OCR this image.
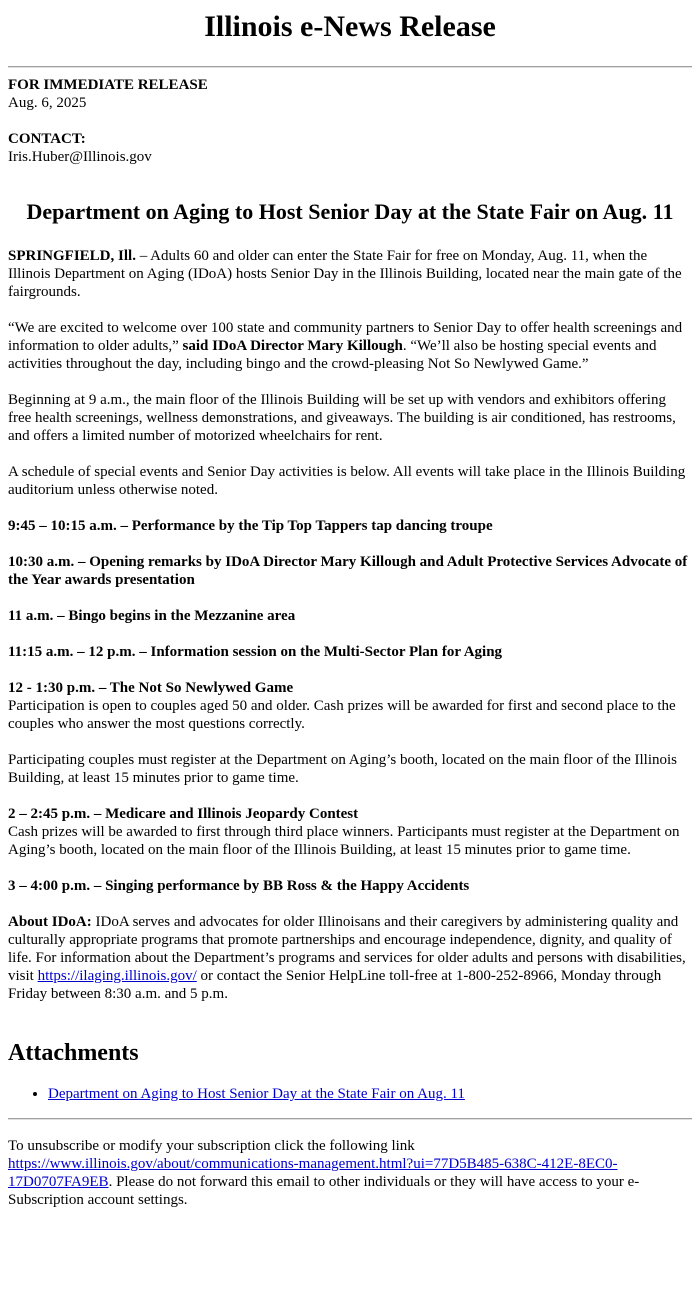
Illinois e-News Release
FOR IMMEDIATE RELEASE
Aug. 6, 2025
CONTACT:
Iris.Huber@Illinois.gov
Department on Aging to Host Senior Day at the State Fair on Aug. 11

SPRINGFIELD, Ill. – Adults 60 and older can enter the State Fair for free on Monday, Aug. 11, when the Illinois Department on Aging (IDoA) hosts Senior Day in the Illinois Building, located near the main gate of the fairgrounds.

“We are excited to welcome over 100 state and community partners to Senior Day to offer health screenings and information to older adults,” said IDoA Director Mary Killough. “We’ll also be hosting special events and activities throughout the day, including bingo and the crowd-pleasing Not So Newlywed Game.”

Beginning at 9 a.m., the main floor of the Illinois Building will be set up with vendors and exhibitors offering free health screenings, wellness demonstrations, and giveaways. The building is air conditioned, has restrooms, and offers a limited number of motorized wheelchairs for rent.

A schedule of special events and Senior Day activities is below. All events will take place in the Illinois Building auditorium unless otherwise noted.

9:45 – 10:15 a.m. – Performance by the Tip Top Tappers tap dancing troupe

10:30 a.m. – Opening remarks by IDoA Director Mary Killough and Adult Protective Services Advocate of the Year awards presentation

11 a.m. – Bingo begins in the Mezzanine area

11:15 a.m. – 12 p.m. – Information session on the Multi-Sector Plan for Aging

12 - 1:30 p.m. – The Not So Newlywed Game
Participation is open to couples aged 50 and older. Cash prizes will be awarded for first and second place to the couples who answer the most questions correctly.

Participating couples must register at the Department on Aging’s booth, located on the main floor of the Illinois Building, at least 15 minutes prior to game time.

2 – 2:45 p.m. – Medicare and Illinois Jeopardy Contest
Cash prizes will be awarded to first through third place winners. Participants must register at the Department on Aging’s booth, located on the main floor of the Illinois Building, at least 15 minutes prior to game time.

3 – 4:00 p.m. – Singing performance by BB Ross & the Happy Accidents

About IDoA: IDoA serves and advocates for older Illinoisans and their caregivers by administering quality and culturally appropriate programs that promote partnerships and encourage independence, dignity, and quality of life. For information about the Department’s programs and services for older adults and persons with disabilities, visit https://ilaging.illinois.gov/ or contact the Senior HelpLine toll-free at 1-800-252-8966, Monday through Friday between 8:30 a.m. and 5 p.m.

Attachments
• Department on Aging to Host Senior Day at the State Fair on Aug. 11

To unsubscribe or modify your subscription click the following link https://www.illinois.gov/about/communications-management.html?ui=77D5B485-638C-412E-8EC0-17D0707FA9EB. Please do not forward this email to other individuals or they will have access to your e-Subscription account settings.
